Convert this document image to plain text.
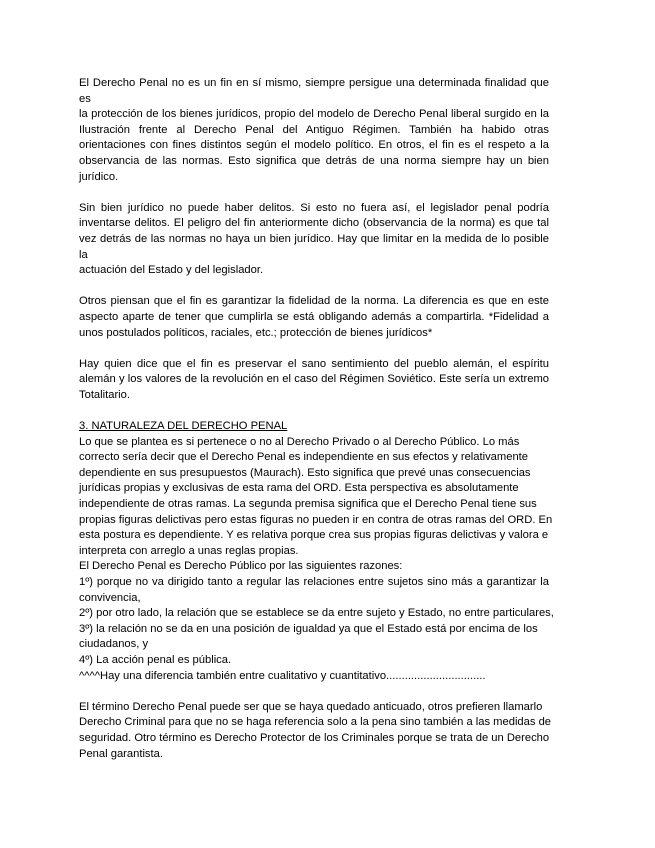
El Derecho Penal no es un fin en sí mismo, siempre persigue una determinada finalidad que es
la protección de los bienes jurídicos, propio del modelo de Derecho Penal liberal surgido en la
Ilustración frente al Derecho Penal del Antiguo Régimen. También ha habido otras
orientaciones con fines distintos según el modelo político. En otros, el fin es el respeto a la
observancia de las normas. Esto significa que detrás de una norma siempre hay un bien
jurídico.
Sin bien jurídico no puede haber delitos. Si esto no fuera así, el legislador penal podría
inventarse delitos. El peligro del fin anteriormente dicho (observancia de la norma) es que tal
vez detrás de las normas no haya un bien jurídico. Hay que limitar en la medida de lo posible la
actuación del Estado y del legislador.
Otros piensan que el fin es garantizar la fidelidad de la norma. La diferencia es que en este
aspecto aparte de tener que cumplirla se está obligando además a compartirla. *Fidelidad a
unos postulados políticos, raciales, etc.; protección de bienes jurídicos*
Hay quien dice que el fin es preservar el sano sentimiento del pueblo alemán, el espíritu
alemán y los valores de la revolución en el caso del Régimen Soviético. Este sería un extremo
Totalitario.
3. NATURALEZA DEL DERECHO PENAL
Lo que se plantea es si pertenece o no al Derecho Privado o al Derecho Público. Lo más
correcto sería decir que el Derecho Penal es independiente en sus efectos y relativamente
dependiente en sus presupuestos (Maurach). Esto significa que prevé unas consecuencias
jurídicas propias y exclusivas de esta rama del ORD. Esta perspectiva es absolutamente
independiente de otras ramas. La segunda premisa significa que el Derecho Penal tiene sus
propias figuras delictivas pero estas figuras no pueden ir en contra de otras ramas del ORD. En
esta postura es dependiente. Y es relativa porque crea sus propias figuras delictivas y valora e
interpreta con arreglo a unas reglas propias.
El Derecho Penal es Derecho Público por las siguientes razones:
1º) porque no va dirigido tanto a regular las relaciones entre sujetos sino más a garantizar la
convivencia,
2º) por otro lado, la relación que se establece se da entre sujeto y Estado, no entre particulares,
3º) la relación no se da en una posición de igualdad ya que el Estado está por encima de los
ciudadanos, y
4º) La acción penal es pública.
^^^^Hay una diferencia también entre cualitativo y cuantitativo................................
El término Derecho Penal puede ser que se haya quedado anticuado, otros prefieren llamarlo
Derecho Criminal para que no se haga referencia solo a la pena sino también a las medidas de
seguridad. Otro término es Derecho Protector de los Criminales porque se trata de un Derecho
Penal garantista.
